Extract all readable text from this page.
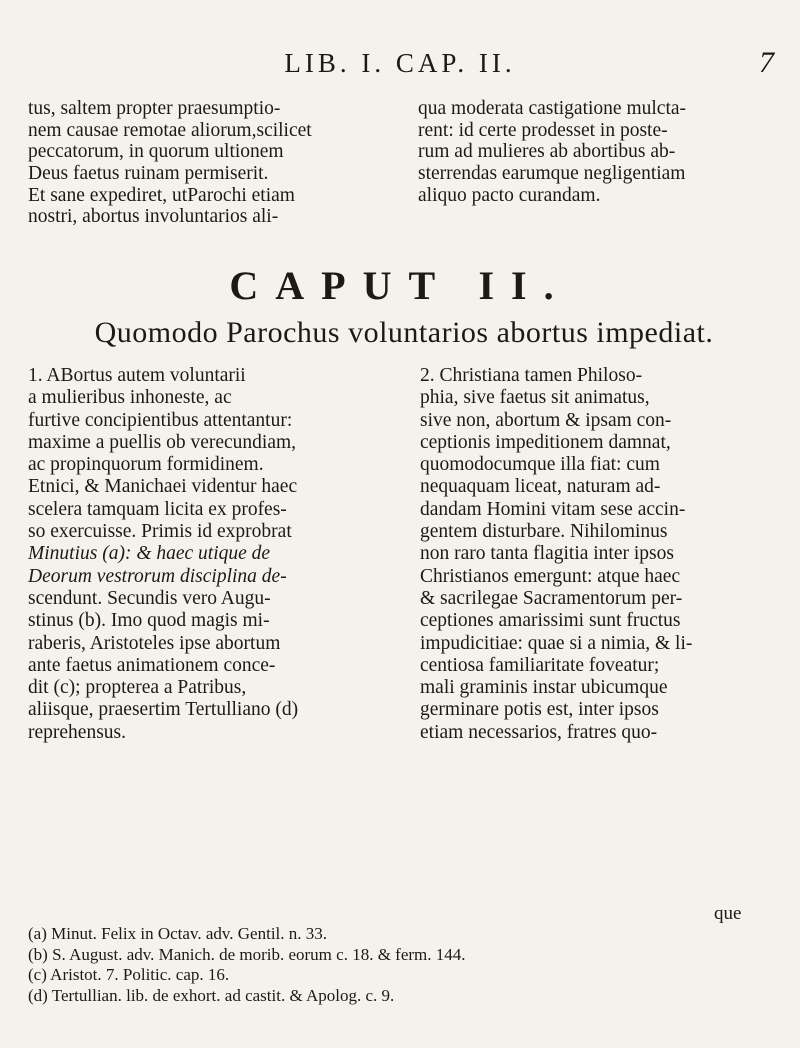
LIB. I. CAP. II.	7
tus, saltem propter praesumptio-
nem causae remotae aliorum,scilicet
peccatorum, in quorum ultionem
Deus faetus ruinam permiserit.
Et sane expediret, utParochi etiam
nostri, abortus involuntarios ali-
qua moderata castigatione mulcta-
rent: id certe prodesset in poste-
rum ad mulieres ab abortibus ab-
sterrendas earumque negligentiam
aliquo pacto curandam.
CAPUT II.
Quomodo Parochus voluntarios abortus impediat.
1. ABortus autem voluntarii
a mulieribus inhoneste, ac
furtive concipientibus attentantur:
maxime a puellis ob verecundiam,
ac propinquorum formidinem.
Etnici, & Manichaei videntur haec
scelera tamquam licita ex profes-
so exercuisse. Primis id exprobrat
Minutius (a): & haec utique de
Deorum vestrorum disciplina de-
scendunt. Secundis vero Augu-
stinus (b). Imo quod magis mi-
raberis, Aristoteles ipse abortum
ante faetus animationem conce-
dit (c); propterea a Patribus,
aliisque, praesertim Tertulliano (d)
reprehensus.
2. Christiana tamen Philoso-
phia, sive faetus sit animatus,
sive non, abortum & ipsam con-
ceptionis impeditionem damnat,
quomodocumque illa fiat: cum
nequaquam liceat, naturam ad-
dandam Homini vitam sese accin-
gentem disturbare. Nihilominus
non raro tanta flagitia inter ipsos
Christianos emergunt: atque haec
& sacrilegae Sacramentorum per-
ceptiones amarissimi sunt fructus
impudicitiae: quae si a nimia, & li-
centiosa familiaritate foveatur;
mali graminis instar ubicumque
germinare potis est, inter ipsos
etiam necessarios, fratres quo-
que
(a) Minut. Felix in Octav. adv. Gentil. n. 33.
(b) S. August. adv. Manich. de morib. eorum c. 18. & ferm. 144.
(c) Aristot. 7. Politic. cap. 16.
(d) Tertullian. lib. de exhort. ad castit. & Apolog. c. 9.
